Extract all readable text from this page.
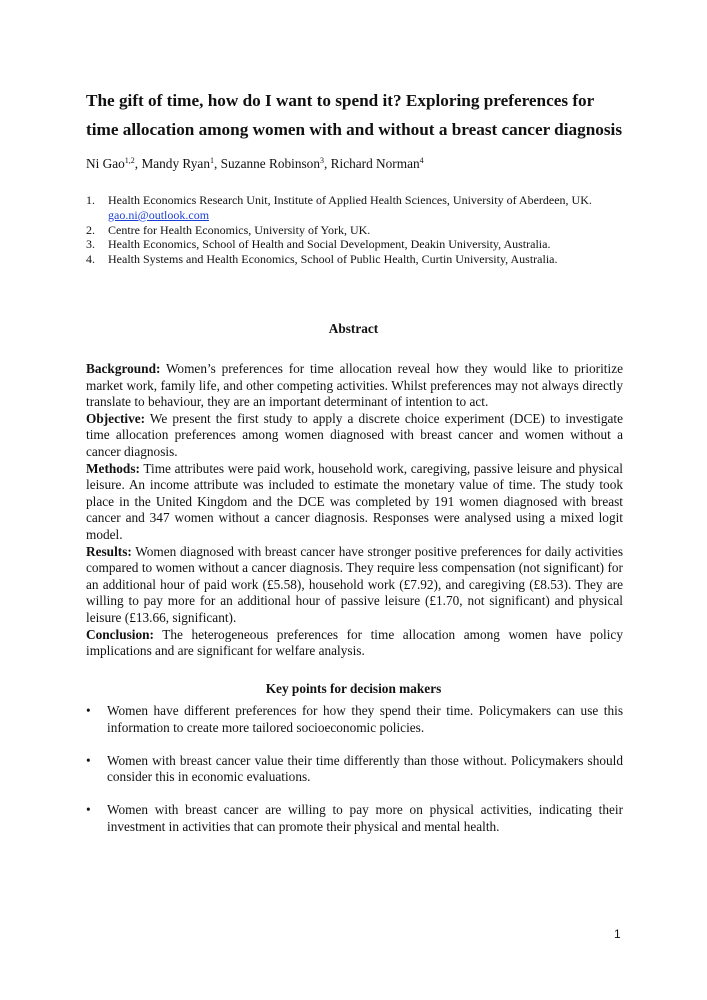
The gift of time, how do I want to spend it? Exploring preferences for time allocation among women with and without a breast cancer diagnosis

Ni Gao$^{1,2}$, Mandy Ryan$^1$, Suzanne Robinson$^3$, Richard Norman$^4$

1. Health Economics Research Unit, Institute of Applied Health Sciences, University of Aberdeen, UK. gao.ni@outlook.com
2. Centre for Health Economics, University of York, UK.
3. Health Economics, School of Health and Social Development, Deakin University, Australia.
4. Health Systems and Health Economics, School of Public Health, Curtin University, Australia.
Abstract

Background: Women’s preferences for time allocation reveal how they would like to prioritize market work, family life, and other competing activities. Whilst preferences may not always directly translate to behaviour, they are an important determinant of intention to act.

Objective: We present the first study to apply a discrete choice experiment (DCE) to investigate time allocation preferences among women diagnosed with breast cancer and women without a cancer diagnosis.

Methods: Time attributes were paid work, household work, caregiving, passive leisure and physical leisure. An income attribute was included to estimate the monetary value of time. The study took place in the United Kingdom and the DCE was completed by 191 women diagnosed with breast cancer and 347 women without a cancer diagnosis. Responses were analysed using a mixed logit model.

Results: Women diagnosed with breast cancer have stronger positive preferences for daily activities compared to women without a cancer diagnosis. They require less compensation (not significant) for an additional hour of paid work (£5.58), household work (£7.92), and caregiving (£8.53). They are willing to pay more for an additional hour of passive leisure (£1.70, not significant) and physical leisure (£13.66, significant).

Conclusion: The heterogeneous preferences for time allocation among women have policy implications and are significant for welfare analysis.

Key points for decision makers
• Women have different preferences for how they spend their time. Policymakers can use this information to create more tailored socioeconomic policies.
• Women with breast cancer value their time differently than those without. Policymakers should consider this in economic evaluations.
• Women with breast cancer are willing to pay more on physical activities, indicating their investment in activities that can promote their physical and mental health.
1
